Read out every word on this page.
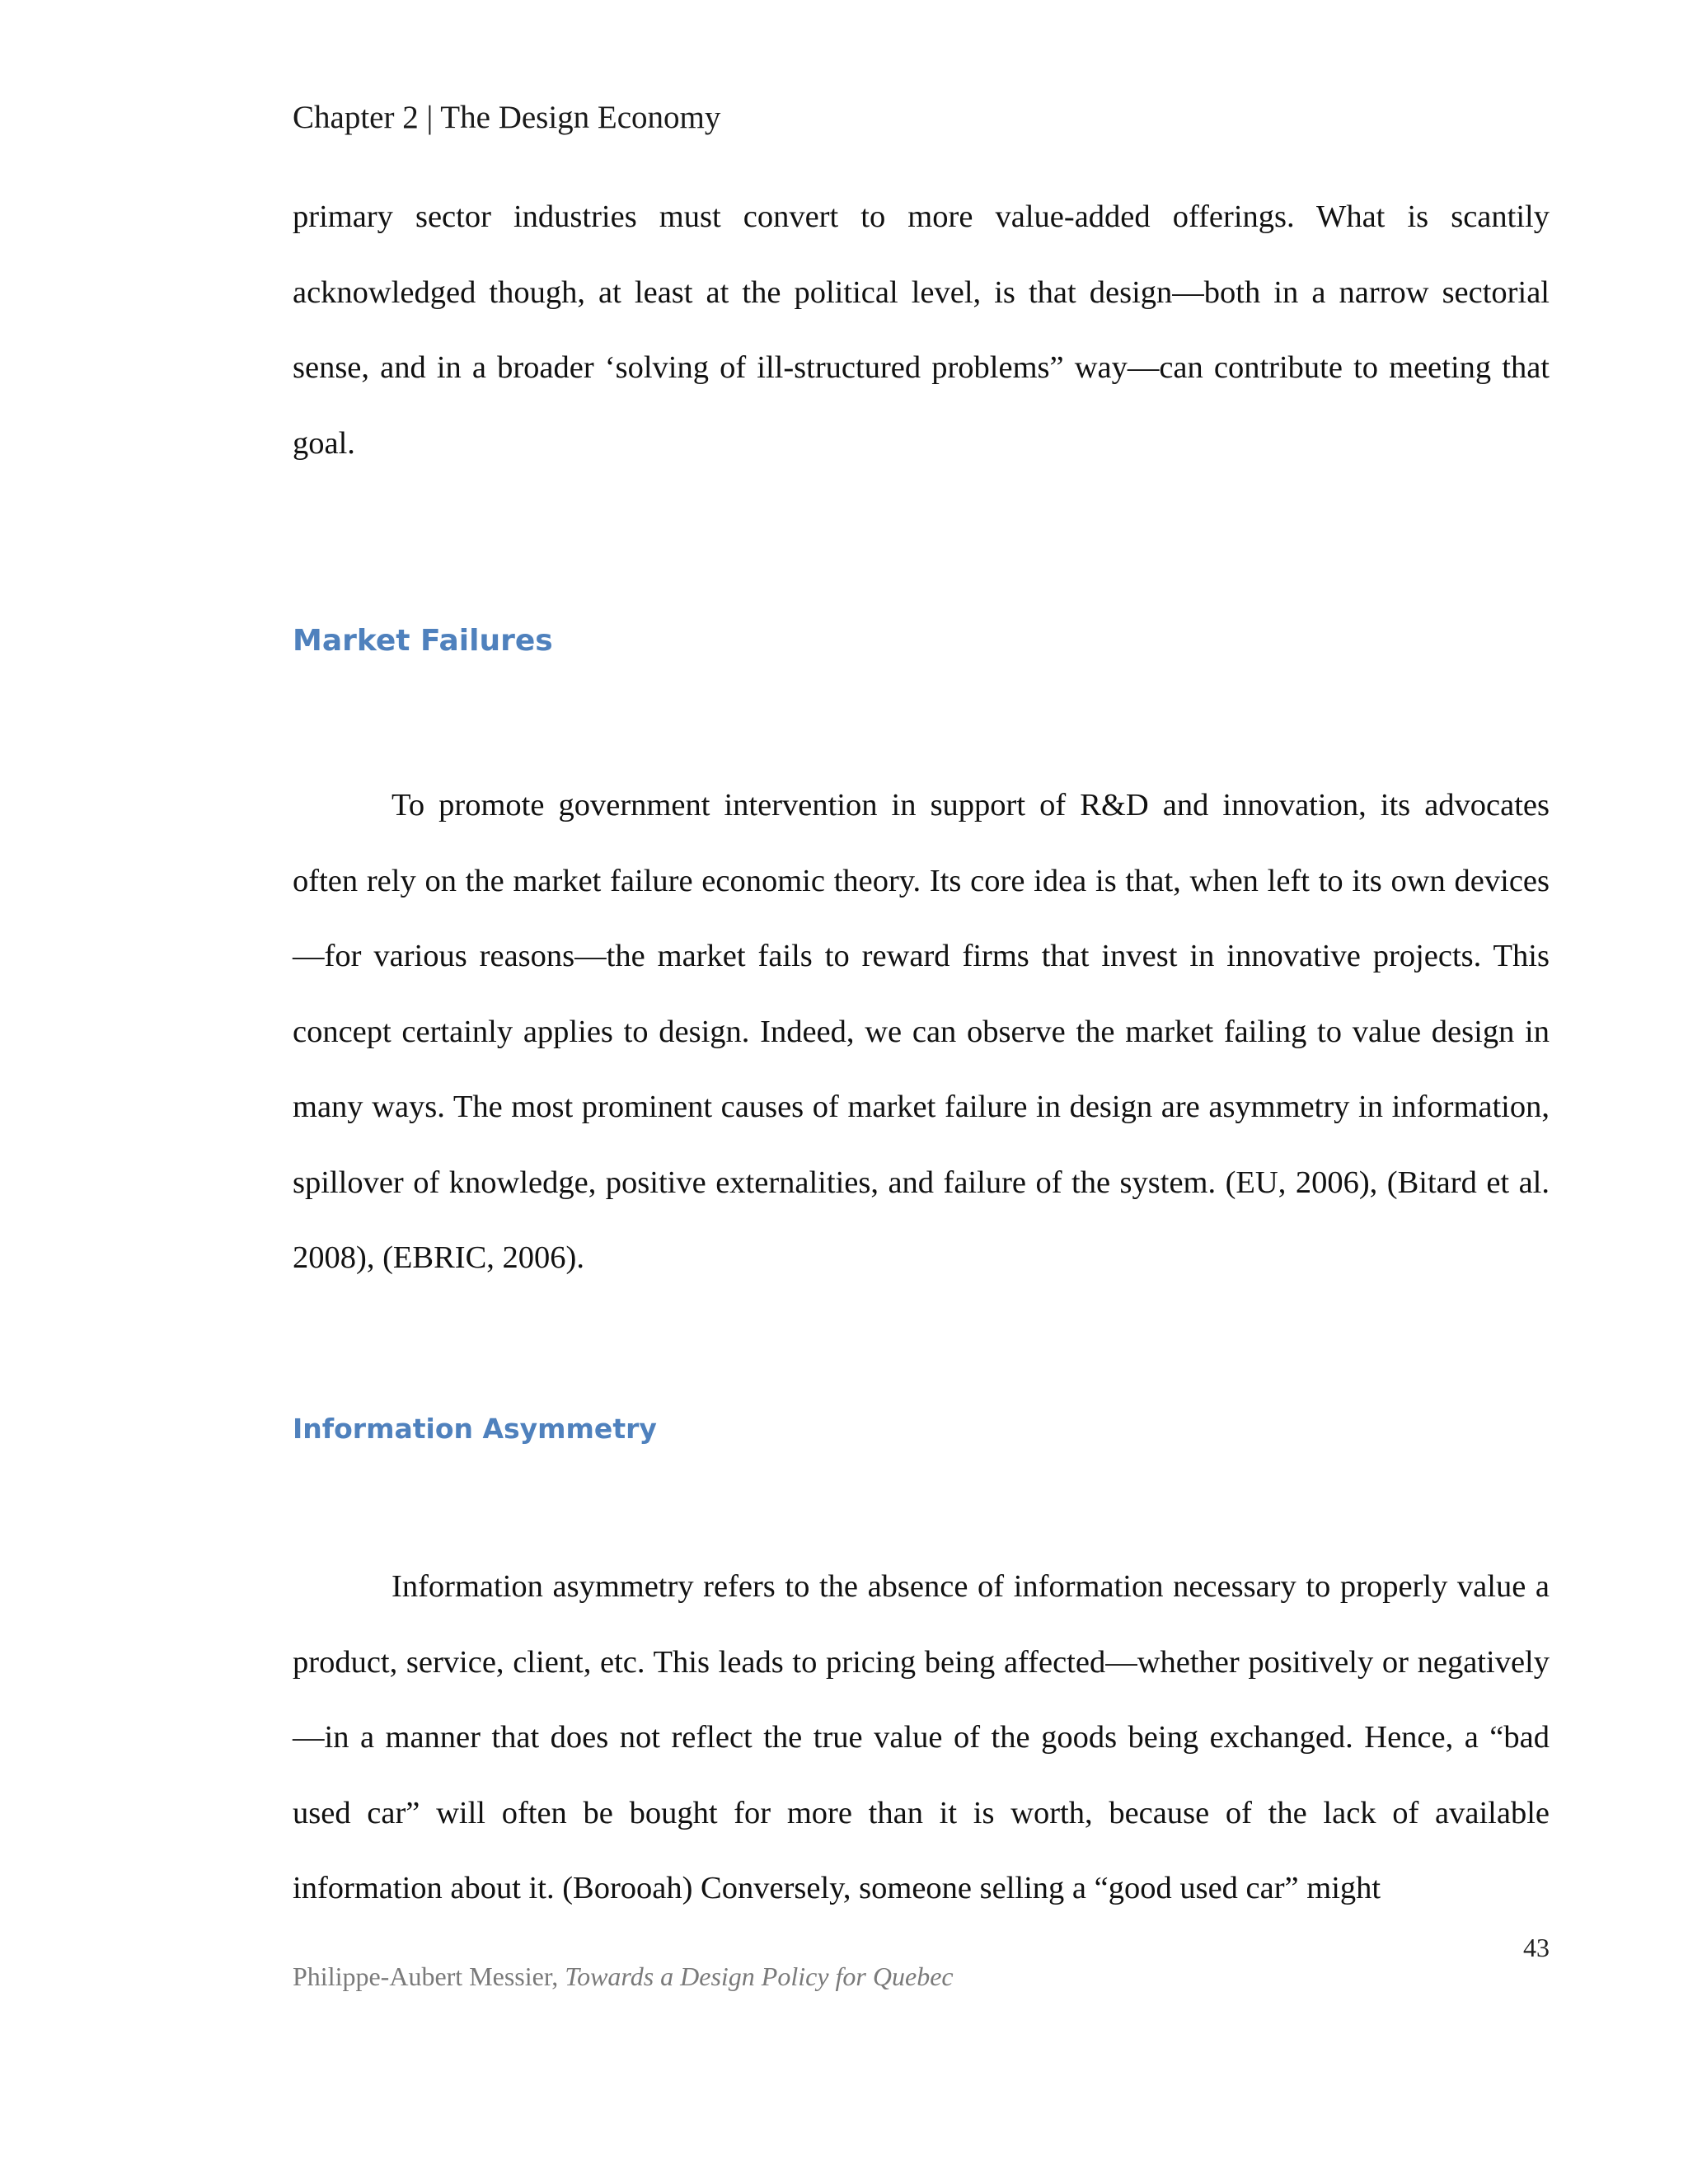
Chapter 2 | The Design Economy

primary sector industries must convert to more value-added offerings. What is scantily acknowledged though, at least at the political level, is that design—both in a narrow sectorial sense, and in a broader ‘solving of ill-structured problems” way—can contribute to meeting that goal.

Market Failures

To promote government intervention in support of R&D and innovation, its advocates often rely on the market failure economic theory. Its core idea is that, when left to its own devices—for various reasons—the market fails to reward firms that invest in innovative projects. This concept certainly applies to design. Indeed, we can observe the market failing to value design in many ways. The most prominent causes of market failure in design are asymmetry in information, spillover of knowledge, positive externalities, and failure of the system. (EU, 2006), (Bitard et al. 2008), (EBRIC, 2006).

Information Asymmetry

Information asymmetry refers to the absence of information necessary to properly value a product, service, client, etc. This leads to pricing being affected—whether positively or negatively—in a manner that does not reflect the true value of the goods being exchanged. Hence, a “bad used car” will often be bought for more than it is worth, because of the lack of available information about it. (Borooah) Conversely, someone selling a “good used car” might

43
Philippe-Aubert Messier, Towards a Design Policy for Quebec
